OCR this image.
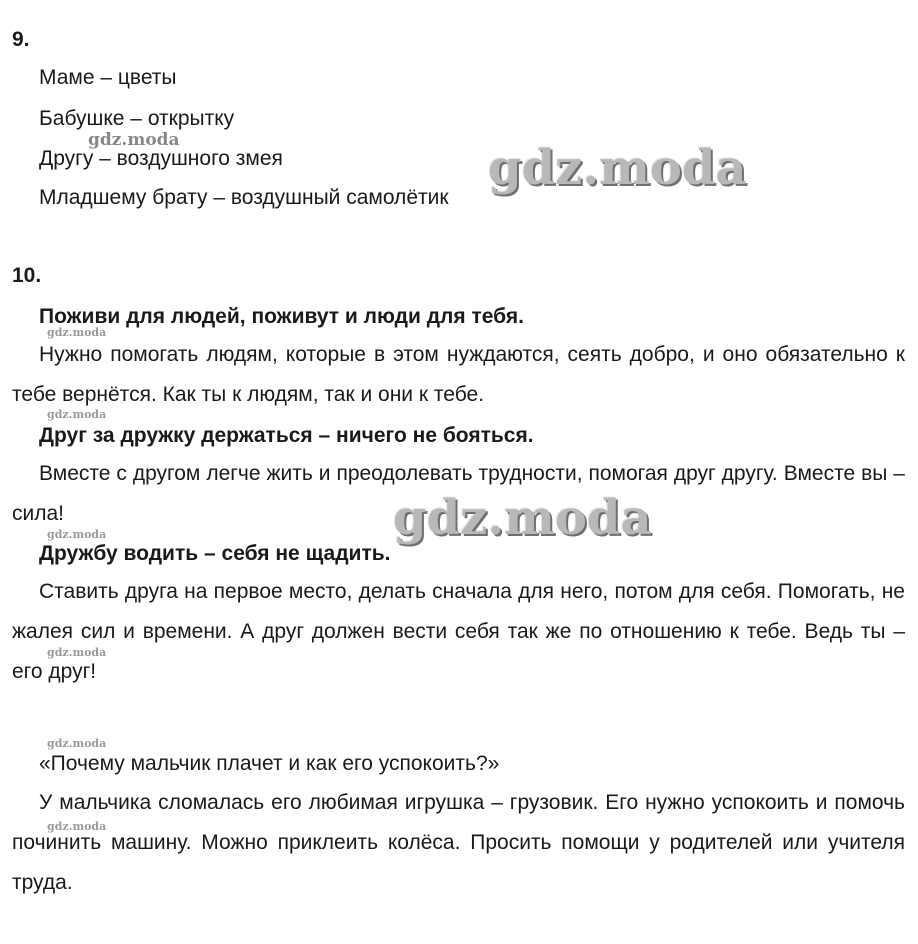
9.
Маме – цветы
Бабушке – открытку
Другу – воздушного змея
Младшему брату – воздушный самолётик
10.
Поживи для людей, поживут и люди для тебя.
Нужно помогать людям, которые в этом нуждаются, сеять добро, и оно обязательно к тебе вернётся. Как ты к людям, так и они к тебе.
Друг за дружку держаться – ничего не бояться.
Вместе с другом легче жить и преодолевать трудности, помогая друг другу. Вместе вы – сила!
Дружбу водить – себя не щадить.
Ставить друга на первое место, делать сначала для него, потом для себя. Помогать, не жалея сил и времени. А друг должен вести себя так же по отношению к тебе. Ведь ты – его друг!
«Почему мальчик плачет и как его успокоить?»
У мальчика сломалась его любимая игрушка – грузовик. Его нужно успокоить и помочь починить машину. Можно приклеить колёса. Просить помощи у родителей или учителя труда.
gdz.moda	gdz.moda
gdz.moda
gdz.moda
gdz.moda
gdz.moda
gdz.moda
gdz.moda
gdz.moda
